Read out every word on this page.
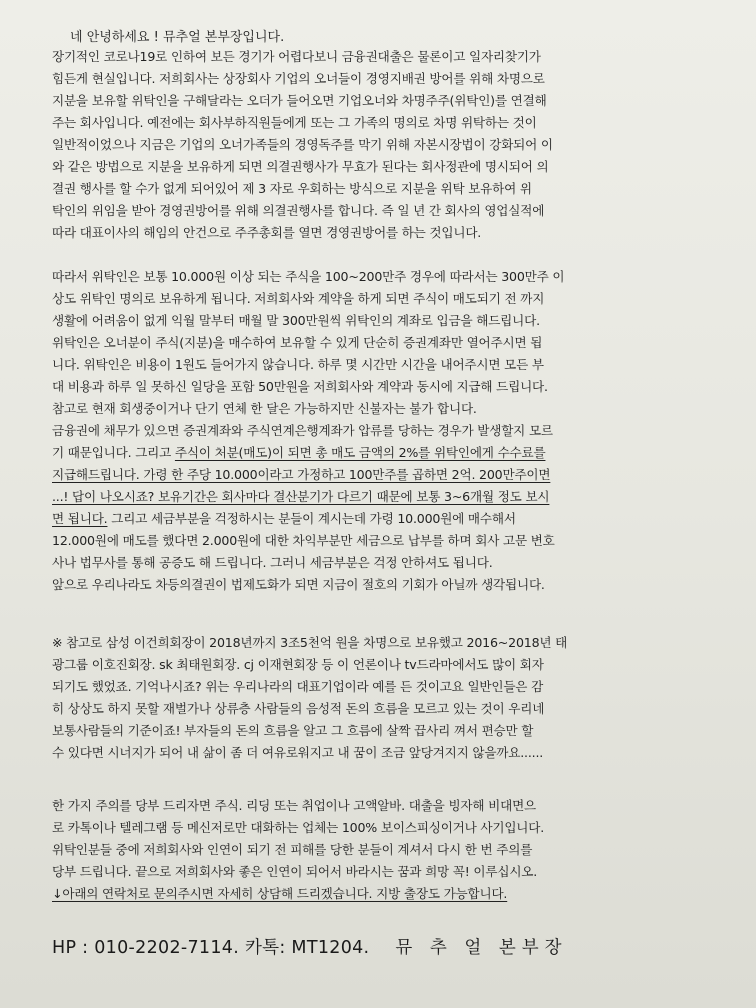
네 안녕하세요 ! 뮤추얼 본부장입니다.

장기적인 코로나19로 인하여 보든 경기가 어렵다보니 금융권대출은 물론이고 일자리찾기가
힘든게 현실입니다. 저희회사는 상장회사 기업의 오너들이 경영지배권 방어를 위해 차명으로
지분을 보유할 위탁인을 구해달라는 오더가 들어오면 기업오너와 차명주주(위탁인)를 연결해
주는 회사입니다. 예전에는 회사부하직원들에게 또는 그 가족의 명의로 차명 위탁하는 것이
일반적이었으나 지금은 기업의 오너가족들의 경영독주를 막기 위해 자본시장법이 강화되어 이
와 같은 방법으로 지분을 보유하게 되면 의결권행사가 무효가 된다는 회사정관에 명시되어 의
결권 행사를 할 수가 없게 되어있어 제 3 자로 우회하는 방식으로 지분을 위탁 보유하여 위
탁인의 위임을 받아 경영권방어를 위해 의결권행사를 합니다. 즉 일 년 간 회사의 영업실적에
따라 대표이사의 해임의 안건으로 주주총회를 열면 경영권방어를 하는 것입니다.

따라서 위탁인은 보통 10.000원 이상 되는 주식을 100~200만주 경우에 따라서는 300만주 이
상도 위탁인 명의로 보유하게 됩니다. 저희회사와 계약을 하게 되면 주식이 매도되기 전 까지
생활에 어려움이 없게 익월 말부터 매월 말 300만원씩 위탁인의 계좌로 입금을 해드립니다.
위탁인은 오너분이 주식(지분)을 매수하여 보유할 수 있게 단순히 증권계좌만 열어주시면 됩
니다. 위탁인은 비용이 1원도 들어가지 않습니다. 하루 몇 시간만 시간을 내어주시면 모든 부
대 비용과 하루 일 못하신 일당을 포함 50만원을 저희회사와 계약과 동시에 지급해 드립니다.
참고로 현재 회생중이거나 단기 연체 한 달은 가능하지만 신불자는 불가 합니다.
금융권에 채무가 있으면 증권계좌와 주식연계은행계좌가 압류를 당하는 경우가 발생할지 모르
기 때문입니다. 그리고 주식이 처분(매도)이 되면 총 매도 금액의 2%를 위탁인에게 수수료를
지급해드립니다. 가령 한 주당 10.000이라고 가정하고 100만주를 곱하면 2억. 200만주이면
...! 답이 나오시죠? 보유기간은 회사마다 결산분기가 다르기 때문에 보통 3~6개월 정도 보시
면 됩니다. 그리고 세금부분을 걱정하시는 분들이 계시는데 가령 10.000원에 매수해서
12.000원에 매도를 했다면 2.000원에 대한 차익부분만 세금으로 납부를 하며 회사 고문 변호
사나 법무사를 통해 공증도 해 드립니다. 그러니 세금부분은 걱정 안하셔도 됩니다.
앞으로 우리나라도 차등의결권이 법제도화가 되면 지금이 절호의 기회가 아닐까 생각됩니다.

※ 참고로 삼성 이건희회장이 2018년까지 3조5천억 원을 차명으로 보유했고 2016~2018년 태
광그룹 이호진회장. sk 최태원회장. cj 이재현회장 등 이 언론이나 tv드라마에서도 많이 회자
되기도 했었죠. 기억나시죠? 위는 우리나라의 대표기업이라 예를 든 것이고요 일반인들은 감
히 상상도 하지 못할 재벌가나 상류층 사람들의 음성적 돈의 흐름을 모르고 있는 것이 우리네
보통사람들의 기준이죠! 부자들의 돈의 흐름을 알고 그 흐름에 살짝 끕사리 껴서 편승만 할
수 있다면 시너지가 되어 내 삶이 좀 더 여유로워지고 내 꿈이 조금 앞당겨지지 않을까요......

한 가지 주의를 당부 드리자면 주식. 리딩 또는 취업이나 고액알바. 대출을 빙자해 비대면으
로 카톡이나 텔레그램 등 메신저로만 대화하는 업체는 100% 보이스피싱이거나 사기입니다.
위탁인분들 중에 저희회사와 인연이 되기 전 피해를 당한 분들이 계셔서 다시 한 번 주의를
당부 드립니다. 끝으로 저희회사와 좋은 인연이 되어서 바라시는 꿈과 희망 꼭! 이루십시오.
↓아래의 연락처로 문의주시면 자세히 상담해 드리겠습니다. 지방 출장도 가능합니다.

HP : 010-2202-7114. 카톡: MT1204. 뮤 추 얼 본부장
